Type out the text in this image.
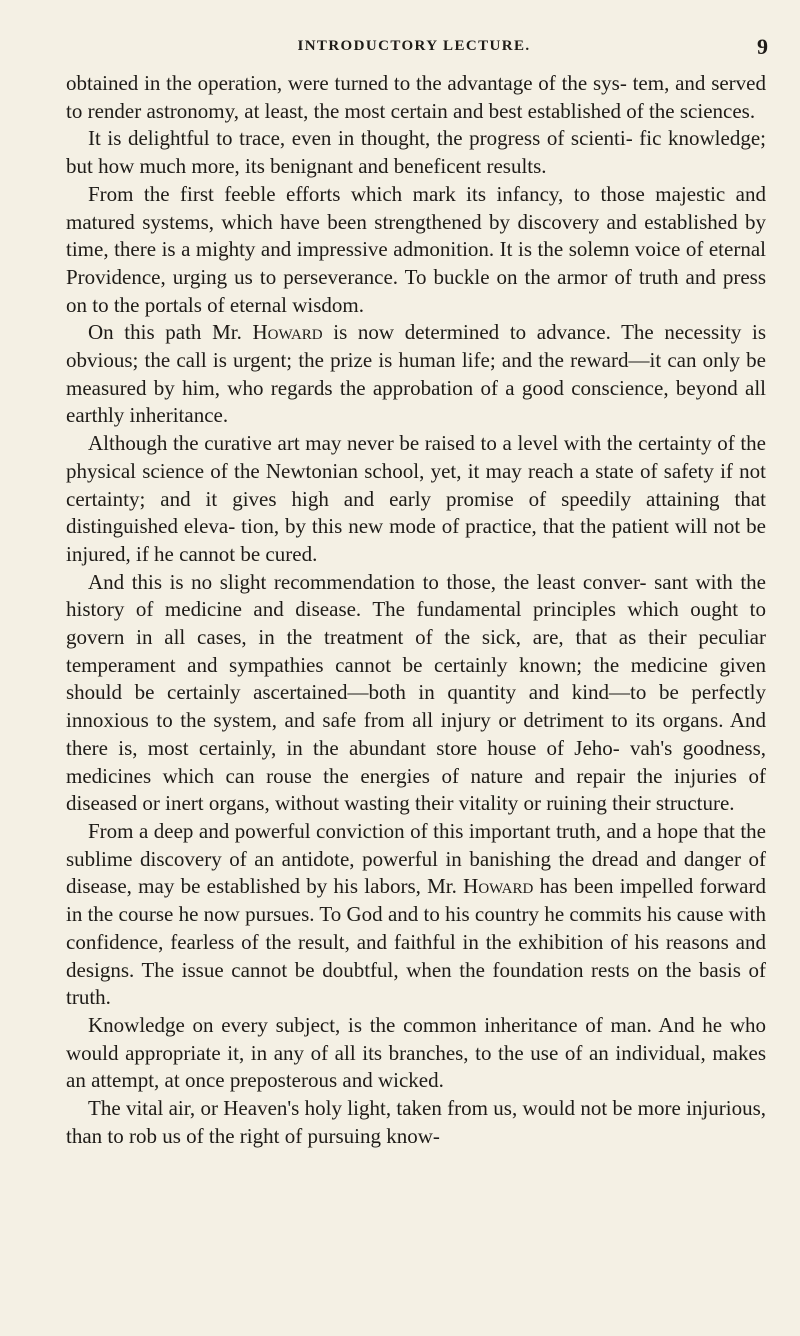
INTRODUCTORY LECTURE.	9

obtained in the operation, were turned to the advantage of the sys- tem, and served to render astronomy, at least, the most certain and best established of the sciences.

It is delightful to trace, even in thought, the progress of scienti- fic knowledge; but how much more, its benignant and beneficent results.

From the first feeble efforts which mark its infancy, to those majestic and matured systems, which have been strengthened by discovery and established by time, there is a mighty and impressive admonition. It is the solemn voice of eternal Providence, urging us to perseverance. To buckle on the armor of truth and press on to the portals of eternal wisdom.

On this path Mr. Howard is now determined to advance. The necessity is obvious; the call is urgent; the prize is human life; and the reward—it can only be measured by him, who regards the approbation of a good conscience, beyond all earthly inheritance.

Although the curative art may never be raised to a level with the certainty of the physical science of the Newtonian school, yet, it may reach a state of safety if not certainty; and it gives high and early promise of speedily attaining that distinguished eleva- tion, by this new mode of practice, that the patient will not be injured, if he cannot be cured.

And this is no slight recommendation to those, the least conver- sant with the history of medicine and disease. The fundamental principles which ought to govern in all cases, in the treatment of the sick, are, that as their peculiar temperament and sympathies cannot be certainly known; the medicine given should be certainly ascertained—both in quantity and kind—to be perfectly innoxious to the system, and safe from all injury or detriment to its organs. And there is, most certainly, in the abundant store house of Jeho- vah's goodness, medicines which can rouse the energies of nature and repair the injuries of diseased or inert organs, without wasting their vitality or ruining their structure.

From a deep and powerful conviction of this important truth, and a hope that the sublime discovery of an antidote, powerful in banishing the dread and danger of disease, may be established by his labors, Mr. Howard has been impelled forward in the course he now pursues. To God and to his country he commits his cause with confidence, fearless of the result, and faithful in the exhibition of his reasons and designs. The issue cannot be doubtful, when the foundation rests on the basis of truth.

Knowledge on every subject, is the common inheritance of man. And he who would appropriate it, in any of all its branches, to the use of an individual, makes an attempt, at once preposterous and wicked.

The vital air, or Heaven's holy light, taken from us, would not be more injurious, than to rob us of the right of pursuing know-
